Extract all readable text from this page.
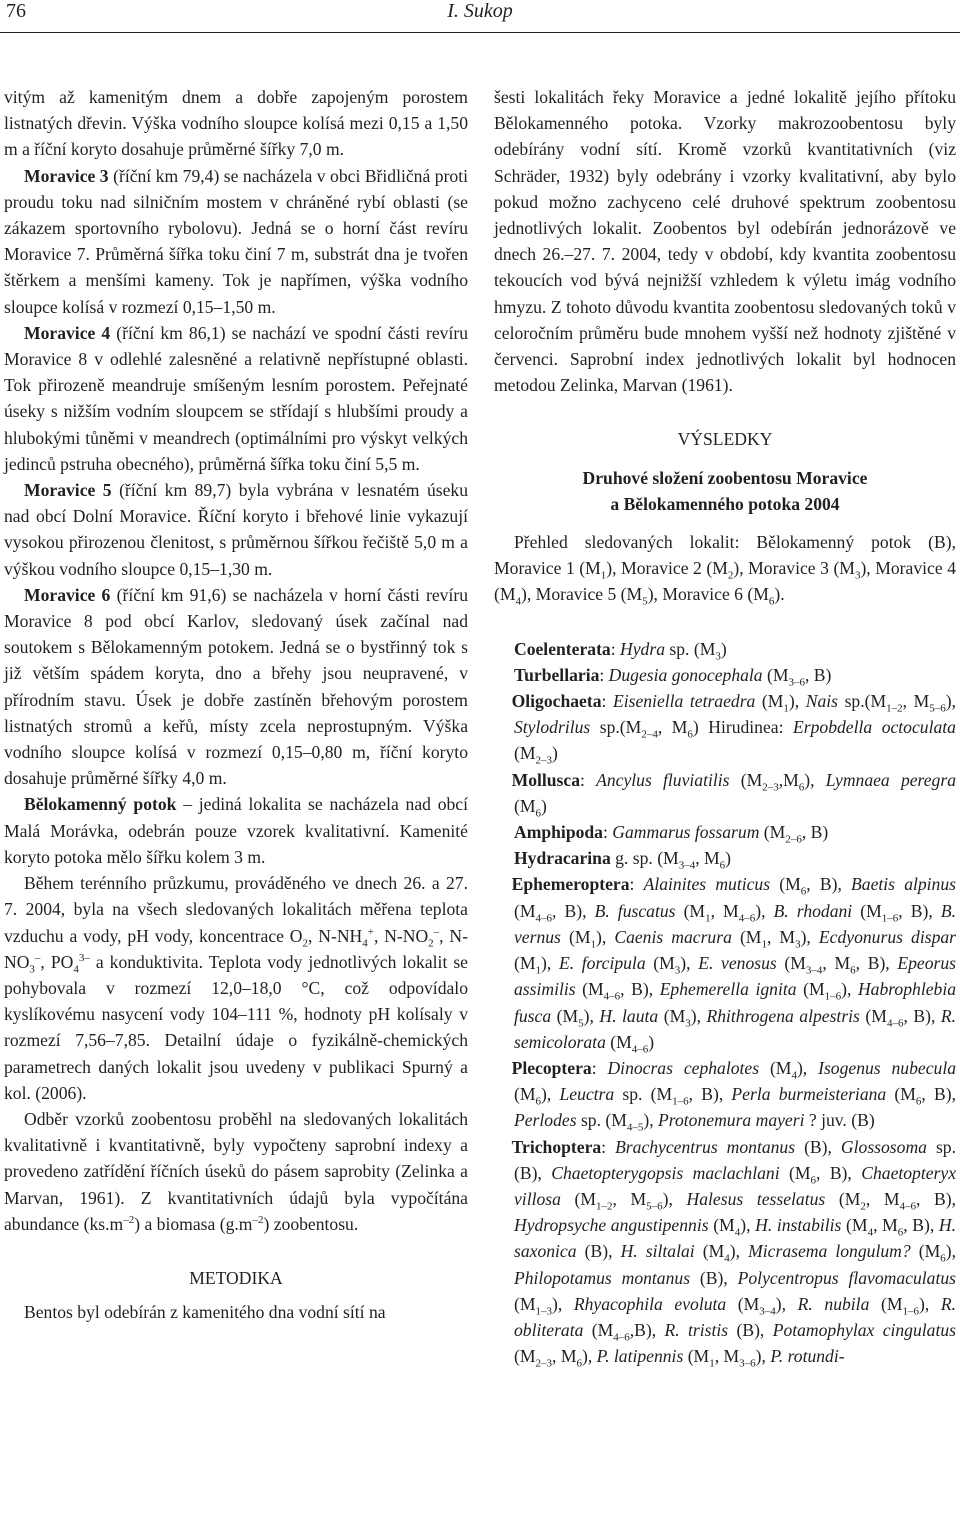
76	I. Sukop

vitým až kamenitým dnem a dobře zapojeným porostem listnatých dřevin. Výška vodního sloupce kolísá mezi 0,15 a 1,50 m a říční koryto dosahuje průměrné šířky 7,0 m.

Moravice 3 (říční km 79,4) se nacházela v obci Břidličná proti proudu toku nad silničním mostem v chráněné rybí oblasti (se zákazem sportovního rybolovu). Jedná se o horní část revíru Moravice 7. Průměrná šířka toku činí 7 m, substrát dna je tvořen štěrkem a menšími kameny. Tok je napřímen, výška vodního sloupce kolísá v rozmezí 0,15–1,50 m.

Moravice 4 (říční km 86,1) se nachází ve spodní části revíru Moravice 8 v odlehlé zalesněné a relativně nepřístupné oblasti. Tok přirozeně meandruje smíšeným lesním porostem. Peřejnaté úseky s nižším vodním sloupcem se střídají s hlubšími proudy a hlubokými tůněmi v meandrech (optimálními pro výskyt velkých jedinců pstruha obecného), průměrná šířka toku činí 5,5 m.

Moravice 5 (říční km 89,7) byla vybrána v lesnatém úseku nad obcí Dolní Moravice. Říční koryto i břehové linie vykazují vysokou přirozenou členitost, s průměrnou šířkou řečiště 5,0 m a výškou vodního sloupce 0,15–1,30 m.

Moravice 6 (říční km 91,6) se nacházela v horní části revíru Moravice 8 pod obcí Karlov, sledovaný úsek začínal nad soutokem s Bělokamenným potokem. Jedná se o bystřinný tok s již větším spádem koryta, dno a břehy jsou neupravené, v přírodním stavu. Úsek je dobře zastíněn břehovým porostem listnatých stromů a keřů, místy zcela neprostupným. Výška vodního sloupce kolísá v rozmezí 0,15–0,80 m, říční koryto dosahuje průměrné šířky 4,0 m.

Bělokamenný potok – jediná lokalita se nacházela nad obcí Malá Morávka, odebrán pouze vzorek kvalitativní. Kamenité koryto potoka mělo šířku kolem 3 m.

Během terénního průzkumu, prováděného ve dnech 26. a 27. 7. 2004, byla na všech sledovaných lokalitách měřena teplota vzduchu a vody, pH vody, koncentrace $O_2$, $N-NH_4^+$, $N-NO_2^-$, $N-NO_3^-$, $PO_4^{3-}$ a konduktivita. Teplota vody jednotlivých lokalit se pohybovala v rozmezí 12,0–18,0 °C, což odpovídalo kyslíkovému nasycení vody 104–111 %, hodnoty pH kolísaly v rozmezí 7,56–7,85. Detailní údaje o fyzikálně-chemických parametrech daných lokalit jsou uvedeny v publikaci Spurný a kol. (2006).

Odběr vzorků zoobentosu proběhl na sledovaných lokalitách kvalitativně i kvantitativně, byly vypočteny saprobní indexy a provedeno zatřídění říčních úseků do pásem saprobity (Zelinka a Marvan, 1961). Z kvantitativních údajů byla vypočítána abundance $(ks.m^{-2})$ a biomasa $(g.m^{-2})$ zoobentosu.

METODIKA

Bentos byl odebírán z kamenitého dna vodní sítí na

šesti lokalitách řeky Moravice a jedné lokalitě jejího přítoku Bělokamenného potoka. Vzorky makrozoobentosu byly odebírány vodní sítí. Kromě vzorků kvantitativních (viz Schräder, 1932) byly odebrány i vzorky kvalitativní, aby bylo pokud možno zachyceno celé druhové spektrum zoobentosu jednotlivých lokalit. Zoobentos byl odebírán jednorázově ve dnech 26.–27. 7. 2004, tedy v období, kdy kvantita zoobentosu tekoucích vod bývá nejnižší vzhledem k výletu imág vodního hmyzu. Z tohoto důvodu kvantita zoobentosu sledovaných toků v celoročním průměru bude mnohem vyšší než hodnoty zjištěné v červenci. Saprobní index jednotlivých lokalit byl hodnocen metodou Zelinka, Marvan (1961).

VÝSLEDKY

Druhové složení zoobentosu Moravice

a Bělokamenného potoka 2004

Přehled sledovaných lokalit: Bělokamenný potok (B), Moravice 1 $(M_1)$, Moravice 2 $(M_2)$, Moravice 3 $(M_3)$, Moravice 4 $(M_4)$, Moravice 5 $(M_5)$, Moravice 6 $(M_6)$.

Coelenterata: Hydra sp. $(M_3)$

Turbellaria: Dugesia gonocephala ($M_{3-6}$, B)

 Oligochaeta: Eiseniella tetraedra $(M_1)$, Nais $sp.(M_{1-2}$, $M_{5-6}$), Stylodrilus $sp.(M_{2-4}$, $M_6$) Hirudinea: Erpobdella octoculata $(M_{2-3})$

 Mollusca: Ancylus fluviatilis $(M_{2-3},M_6)$, Lymnaea peregra $(M_6)$

Amphipoda: Gammarus fossarum ($M_{2-6}$, B)

Hydracarina g. sp. ($M_{3-4}$, $M_6$)

 Ephemeroptera: Alainites muticus ($M_6$, B), Baetis alpinus ($M_{4-6}$, B), B. fuscatus ($M_1$, $M_{4-6}$), B. rhodani ($M_{1-6}$, B), B. vernus $(M_1)$, Caenis macrura ($M_1$, $M_3$), Ecdyonurus dispar $(M_1)$, E. forcipula $(M_3)$, E. venosus ($M_{3-4}$, $M_6$, B), Epeorus assimilis ($M_{4-6}$, B), Ephemerella ignita $(M_{1-6})$, Habrophlebia fusca $(M_5)$, H. lauta $(M_3)$, Rhithrogena alpestris ($M_{4-6}$, B), R. semicolorata $(M_{4-6})$

 Plecoptera: Dinocras cephalotes $(M_4)$, Isogenus nubecula $(M_6)$, Leuctra sp. ($M_{1-6}$, B), Perla burmeisteriana ($M_6$, B), Perlodes sp. $(M_{4-5})$, Protonemura mayeri ? juv. (B)

 Trichoptera: Brachycentrus montanus (B), Glossosoma sp. (B), Chaetopterygopsis maclachlani ($M_6$, B), Chaetopteryx villosa ($M_{1-2}$, $M_{5-6}$), Halesus tesselatus ($M_2$, $M_{4-6}$, B), Hydropsyche angustipennis $(M_4)$, H. instabilis ($M_4$, $M_6$, B), H. saxonica (B), H. siltalai $(M_4)$, Micrasema longulum? $(M_6)$, Philopotamus montanus (B), Polycentropus flavomaculatus $(M_{1-3})$, Rhyacophila evoluta $(M_{3-4})$, R. nubila $(M_{1-6})$, R. obliterata $(M_{4-6},B)$, R. tristis (B), Potamophylax cingulatus ($M_{2-3}$, $M_6$), P. latipennis ($M_1$, $M_{3-6}$), P. rotundi-
